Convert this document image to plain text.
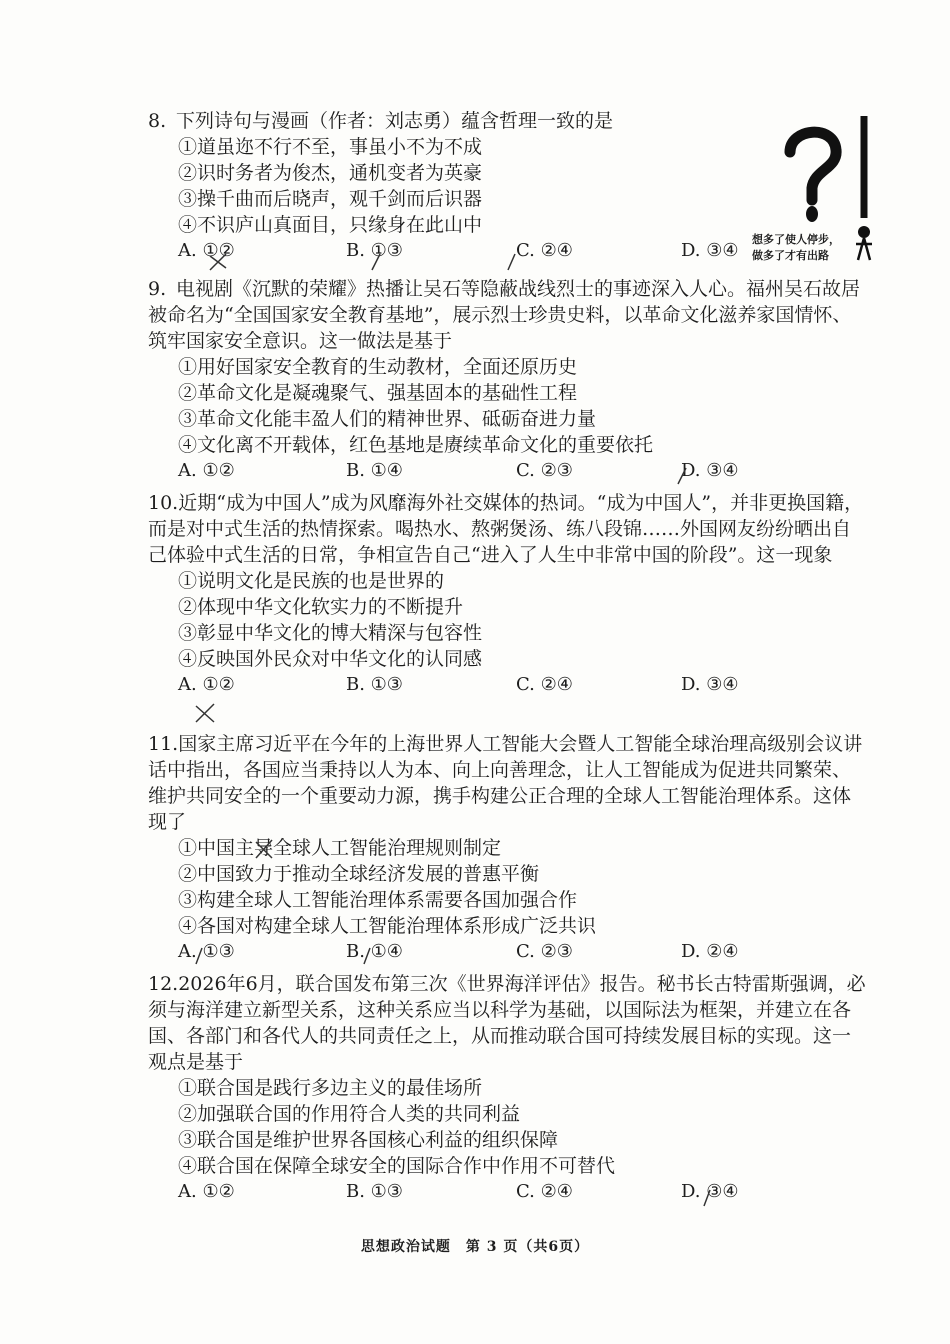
8. 下列诗句与漫画（作者：刘志勇）蕴含哲理一致的是

①道虽迩不行不至，事虽小不为不成

②识时务者为俊杰，通机变者为英豪

③操千曲而后晓声，观千剑而后识器

④不识庐山真面目，只缘身在此山中

A. ①②	B. ①③	C. ②④	D. ③④
想多了使人停步，
做多了才有出路

9. 电视剧《沉默的荣耀》热播让吴石等隐蔽战线烈士的事迹深入人心。福州吴石故居被命名为“全国国家安全教育基地”，展示烈士珍贵史料，以革命文化滋养家国情怀、筑牢国家安全意识。这一做法是基于

①用好国家安全教育的生动教材，全面还原历史

②革命文化是凝魂聚气、强基固本的基础性工程

③革命文化能丰盈人们的精神世界、砥砺奋进力量

④文化离不开载体，红色基地是赓续革命文化的重要依托

A. ①②	B. ①④	C. ②③	D. ③④

10.近期“成为中国人”成为风靡海外社交媒体的热词。“成为中国人”，并非更换国籍，而是对中式生活的热情探索。喝热水、熬粥煲汤、练八段锦……外国网友纷纷晒出自己体验中式生活的日常，争相宣告自己“进入了人生中非常中国的阶段”。这一现象

①说明文化是民族的也是世界的

②体现中华文化软实力的不断提升

③彰显中华文化的博大精深与包容性

④反映国外民众对中华文化的认同感

A. ①②	B. ①③	C. ②④	D. ③④

11.国家主席习近平在今年的上海世界人工智能大会暨人工智能全球治理高级别会议讲话中指出，各国应当秉持以人为本、向上向善理念，让人工智能成为促进共同繁荣、维护共同安全的一个重要动力源，携手构建公正合理的全球人工智能治理体系。这体现了

①中国主导全球人工智能治理规则制定

②中国致力于推动全球经济发展的普惠平衡

③构建全球人工智能治理体系需要各国加强合作

④各国对构建全球人工智能治理体系形成广泛共识

A. ①③	B. ①④	C. ②③	D. ②④

12.2026年6月，联合国发布第三次《世界海洋评估》报告。秘书长古特雷斯强调，必须与海洋建立新型关系，这种关系应当以科学为基础，以国际法为框架，并建立在各国、各部门和各代人的共同责任之上，从而推动联合国可持续发展目标的实现。这一观点是基于

①联合国是践行多边主义的最佳场所

②加强联合国的作用符合人类的共同利益

③联合国是维护世界各国核心利益的组织保障

④联合国在保障全球安全的国际合作中作用不可替代

A. ①②	B. ①③	C. ②④	D. ③④
思想政治试题　第 3 页（共6页）
